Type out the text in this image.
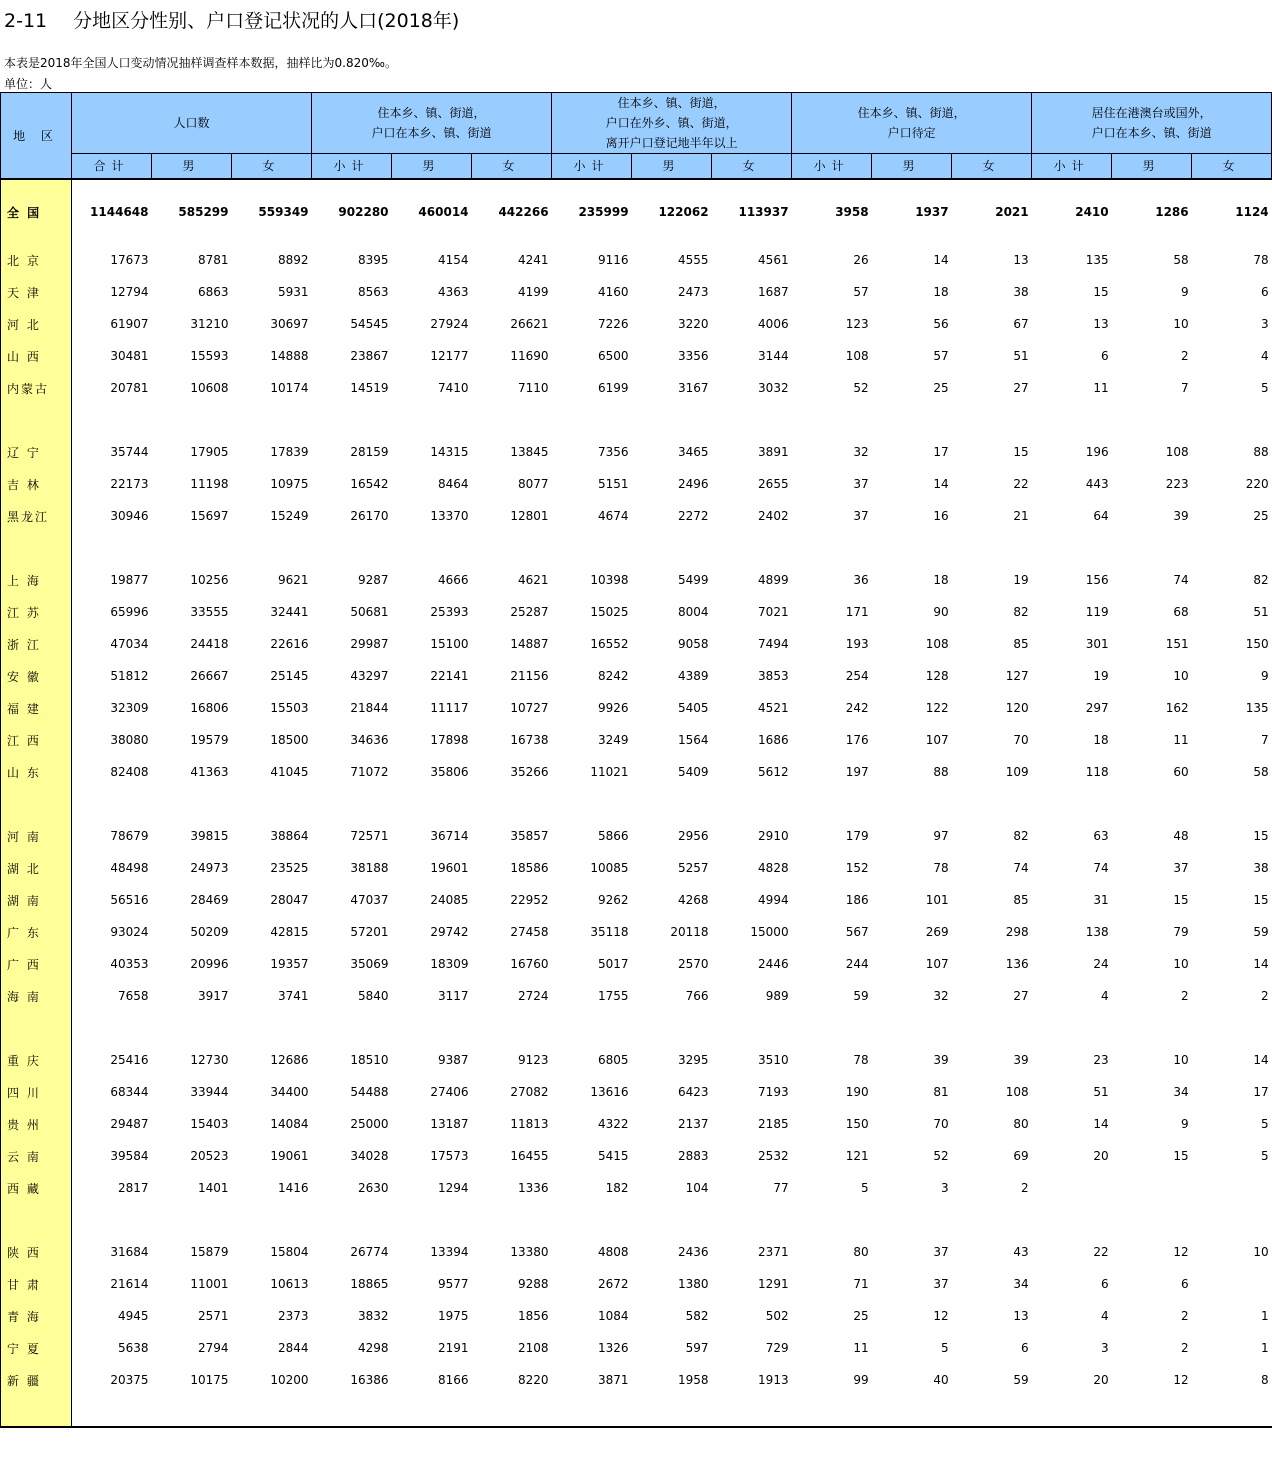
2-11 分地区分性别、户口登记状况的人口(2018年)
本表是2018年全国人口变动情况抽样调查样本数据，抽样比为0.820‰。
单位：人
地 区	人口数			住本乡、镇、街道，
户口在本乡、镇、街道			住本乡、镇、街道，
户口在外乡、镇、街道，
离开户口登记地半年以上			住本乡、镇、街道，
户口待定			居住在港澳台或国外，
户口在本乡、镇、街道		

	合计	男	女	小计	男	女	小计	男	女	小计	男	女	小计	男	女
全 国	1144648	585299	559349	902280	460014	442266	235999	122062	113937	3958	1937	2021	2410	1286	1124
北 京	17673	8781	8892	8395	4154	4241	9116	4555	4561	26	14	13	135	58	78
天 津	12794	6863	5931	8563	4363	4199	4160	2473	1687	57	18	38	15	9	6
河 北	61907	31210	30697	54545	27924	26621	7226	3220	4006	123	56	67	13	10	3
山 西	30481	15593	14888	23867	12177	11690	6500	3356	3144	108	57	51	6	2	4
内蒙古	20781	10608	10174	14519	7410	7110	6199	3167	3032	52	25	27	11	7	5

辽 宁	35744	17905	17839	28159	14315	13845	7356	3465	3891	32	17	15	196	108	88
吉 林	22173	11198	10975	16542	8464	8077	5151	2496	2655	37	14	22	443	223	220
黑龙江	30946	15697	15249	26170	13370	12801	4674	2272	2402	37	16	21	64	39	25

上 海	19877	10256	9621	9287	4666	4621	10398	5499	4899	36	18	19	156	74	82
江 苏	65996	33555	32441	50681	25393	25287	15025	8004	7021	171	90	82	119	68	51
浙 江	47034	24418	22616	29987	15100	14887	16552	9058	7494	193	108	85	301	151	150
安 徽	51812	26667	25145	43297	22141	21156	8242	4389	3853	254	128	127	19	10	9
福 建	32309	16806	15503	21844	11117	10727	9926	5405	4521	242	122	120	297	162	135
江 西	38080	19579	18500	34636	17898	16738	3249	1564	1686	176	107	70	18	11	7
山 东	82408	41363	41045	71072	35806	35266	11021	5409	5612	197	88	109	118	60	58

河 南	78679	39815	38864	72571	36714	35857	5866	2956	2910	179	97	82	63	48	15
湖 北	48498	24973	23525	38188	19601	18586	10085	5257	4828	152	78	74	74	37	38
湖 南	56516	28469	28047	47037	24085	22952	9262	4268	4994	186	101	85	31	15	15
广 东	93024	50209	42815	57201	29742	27458	35118	20118	15000	567	269	298	138	79	59
广 西	40353	20996	19357	35069	18309	16760	5017	2570	2446	244	107	136	24	10	14
海 南	7658	3917	3741	5840	3117	2724	1755	766	989	59	32	27	4	2	2

重 庆	25416	12730	12686	18510	9387	9123	6805	3295	3510	78	39	39	23	10	14
四 川	68344	33944	34400	54488	27406	27082	13616	6423	7193	190	81	108	51	34	17
贵 州	29487	15403	14084	25000	13187	11813	4322	2137	2185	150	70	80	14	9	5
云 南	39584	20523	19061	34028	17573	16455	5415	2883	2532	121	52	69	20	15	5
西 藏	2817	1401	1416	2630	1294	1336	182	104	77	5	3	2			

陕 西	31684	15879	15804	26774	13394	13380	4808	2436	2371	80	37	43	22	12	10
甘 肃	21614	11001	10613	18865	9577	9288	2672	1380	1291	71	37	34	6	6	
青 海	4945	2571	2373	3832	1975	1856	1084	582	502	25	12	13	4	2	1
宁 夏	5638	2794	2844	4298	2191	2108	1326	597	729	11	5	6	3	2	1
新 疆	20375	10175	10200	16386	8166	8220	3871	1958	1913	99	40	59	20	12	8
